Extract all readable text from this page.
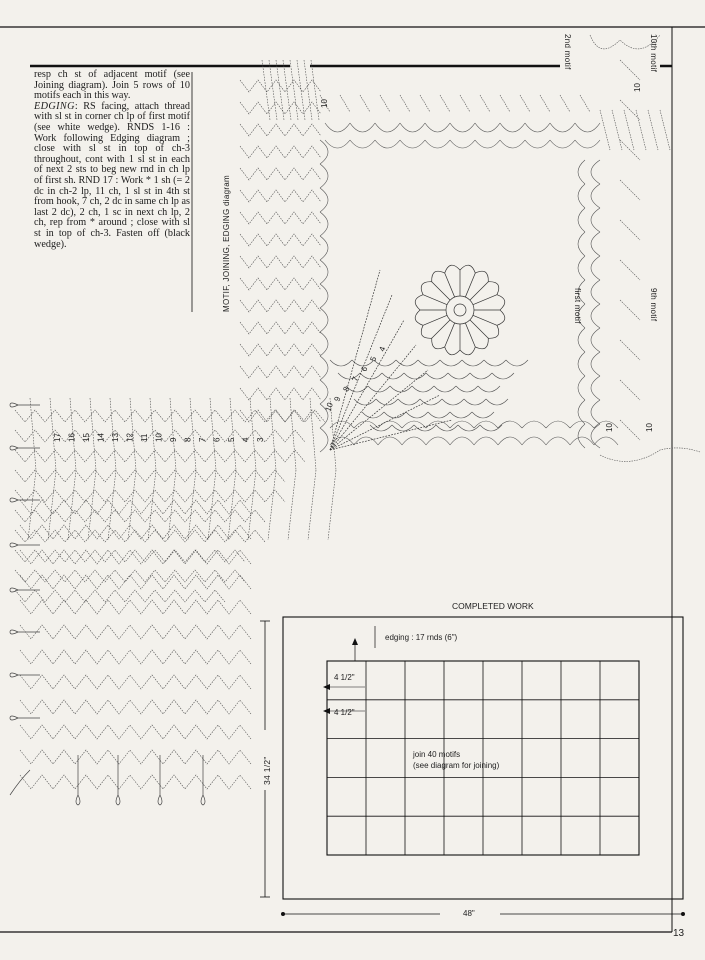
17 16 15 14 13 12 11 10 9 8 7 6 5 4 3
10
9
8
7
6
5
4
10
10
10	10
resp ch st of adjacent motif (see Joining diagram). Join 5 rows of 10 motifs each in this way.
EDGING: RS facing, attach thread with sl st in corner ch lp of first motif (see white wedge). RNDS 1-16 : Work following Edging diagram ; close with sl st in top of ch-3 throughout, cont with 1 sl st in each of next 2 sts to beg new rnd in ch lp of first sh. RND 17 : Work * 1 sh (= 2 dc in ch-2 lp, 11 ch, 1 sl st in 4th st from hook, 7 ch, 2 dc in same ch lp as last 2 dc), 2 ch, 1 sc in next ch lp, 2 ch, rep from * around ; close with sl st in top of ch-3. Fasten off (black wedge).	MOTIF, JOINING, EDGING diagram
2nd motif	10th motif
first motif	9th motif
COMPLETED WORK
edging : 17 rnds (6")
4 1/2"
4 1/2"
join 40 motifs
(see diagram for joining)
34 1/2"
48"
13
